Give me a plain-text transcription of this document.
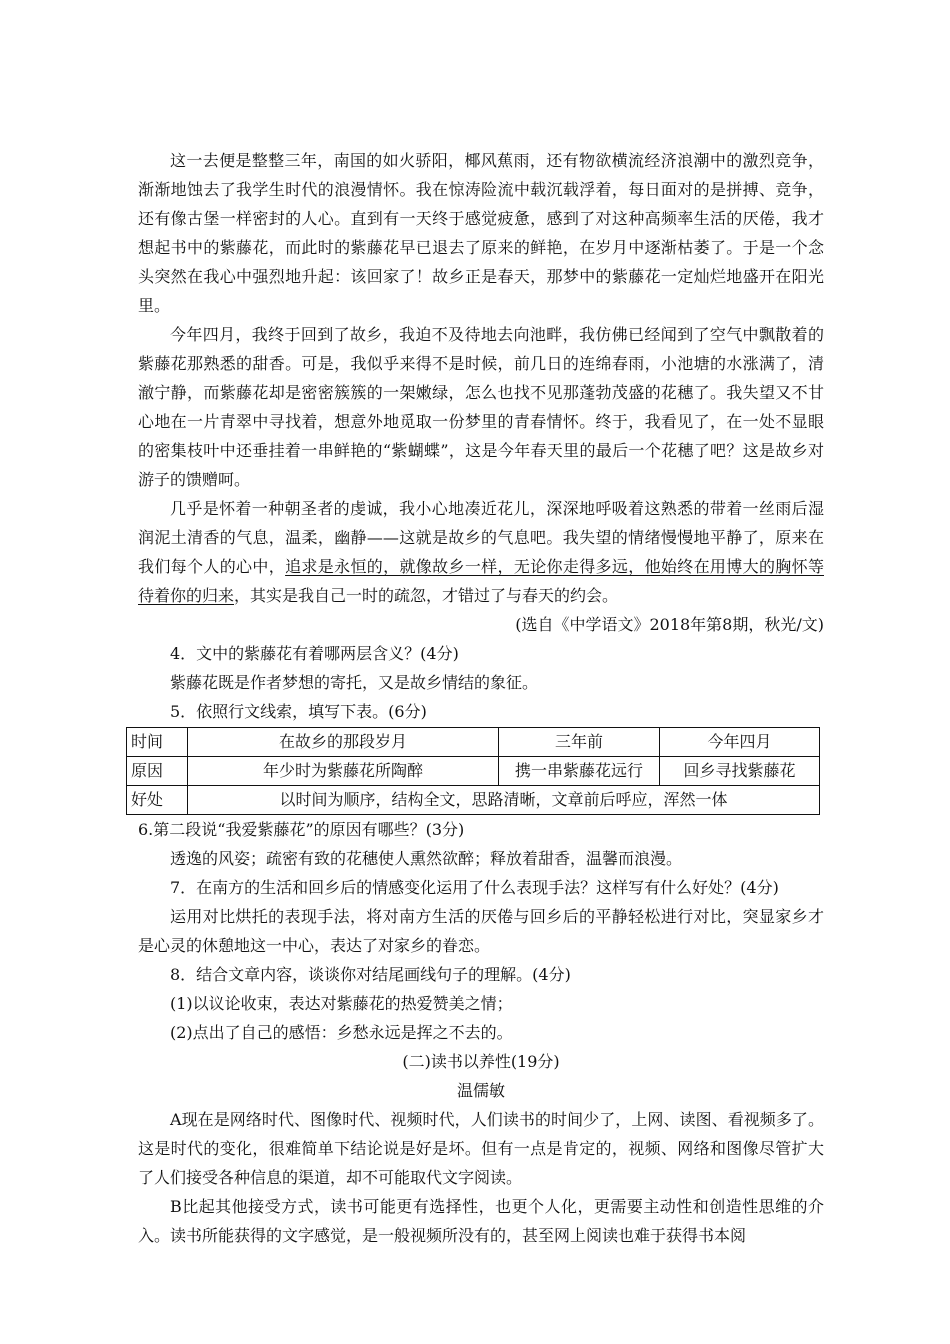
这一去便是整整三年，南国的如火骄阳，椰风蕉雨，还有物欲横流经济浪潮中的激烈竞争，渐渐地蚀去了我学生时代的浪漫情怀。我在惊涛险流中载沉载浮着，每日面对的是拼搏、竞争，还有像古堡一样密封的人心。直到有一天终于感觉疲惫，感到了对这种高频率生活的厌倦，我才想起书中的紫藤花，而此时的紫藤花早已退去了原来的鲜艳，在岁月中逐渐枯萎了。于是一个念头突然在我心中强烈地升起：该回家了！故乡正是春天，那梦中的紫藤花一定灿烂地盛开在阳光里。

今年四月，我终于回到了故乡，我迫不及待地去向池畔，我仿佛已经闻到了空气中飘散着的紫藤花那熟悉的甜香。可是，我似乎来得不是时候，前几日的连绵春雨，小池塘的水涨满了，清澈宁静，而紫藤花却是密密簇簇的一架嫩绿，怎么也找不见那蓬勃茂盛的花穗了。我失望又不甘心地在一片青翠中寻找着，想意外地觅取一份梦里的青春情怀。终于，我看见了，在一处不显眼的密集枝叶中还垂挂着一串鲜艳的“紫蝴蝶”，这是今年春天里的最后一个花穗了吧？这是故乡对游子的馈赠呵。

几乎是怀着一种朝圣者的虔诚，我小心地凑近花儿，深深地呼吸着这熟悉的带着一丝雨后湿润泥土清香的气息，温柔，幽静——这就是故乡的气息吧。我失望的情绪慢慢地平静了，原来在我们每个人的心中，追求是永恒的，就像故乡一样，无论你走得多远，他始终在用博大的胸怀等待着你的归来，其实是我自己一时的疏忽，才错过了与春天的约会。

(选自《中学语文》2018年第8期，秋光/文)

4．文中的紫藤花有着哪两层含义？(4分)

紫藤花既是作者梦想的寄托，又是故乡情结的象征。

5．依照行文线索，填写下表。(6分)

时间	在故乡的那段岁月	三年前	今年四月
原因	年少时为紫藤花所陶醉	携一串紫藤花远行	回乡寻找紫藤花
好处	以时间为顺序，结构全文，思路清晰，文章前后呼应，浑然一体		

6.第二段说“我爱紫藤花”的原因有哪些？(3分)

透逸的风姿；疏密有致的花穗使人熏然欲醉；释放着甜香，温馨而浪漫。

7．在南方的生活和回乡后的情感变化运用了什么表现手法？这样写有什么好处？(4分)

运用对比烘托的表现手法，将对南方生活的厌倦与回乡后的平静轻松进行对比，突显家乡才是心灵的休憩地这一中心，表达了对家乡的眷恋。

8．结合文章内容，谈谈你对结尾画线句子的理解。(4分)

(1)以议论收束，表达对紫藤花的热爱赞美之情；

(2)点出了自己的感悟：乡愁永远是挥之不去的。

(二)读书以养性(19分)

温儒敏

A现在是网络时代、图像时代、视频时代，人们读书的时间少了，上网、读图、看视频多了。这是时代的变化，很难简单下结论说是好是坏。但有一点是肯定的，视频、网络和图像尽管扩大了人们接受各种信息的渠道，却不可能取代文字阅读。

B比起其他接受方式，读书可能更有选择性，也更个人化，更需要主动性和创造性思维的介入。读书所能获得的文字感觉，是一般视频所没有的，甚至网上阅读也难于获得书本阅
